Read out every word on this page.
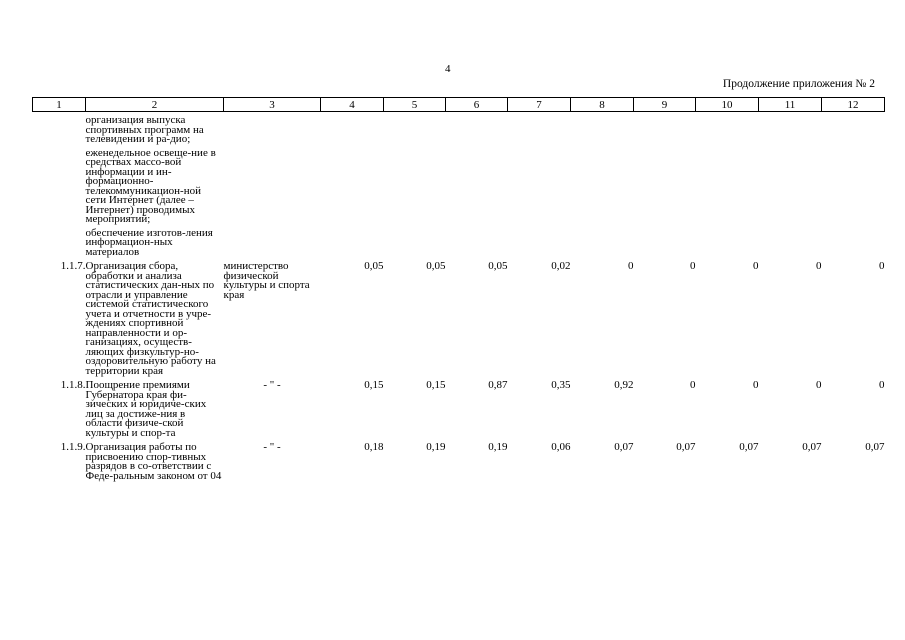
4
Продолжение приложения № 2
1	2	3	4	5	6	7	8	9	10	11	12

	организация выпуска спортивных программ на телевидении и ра-дио;
еженедельное освеще-ние в средствах массо-вой информации и ин-формационно-телекоммуникацион-ной сети Интернет (далее – Интернет) проводимых мероприятий;
обеспечение изготов-ления информацион-ных материалов										

1.1.7.	Организация сбора, обработки и анализа статистических дан-ных по отрасли и управление системой статистического учета и отчетности в учре-ждениях спортивной направленности и ор-ганизациях, осуществ-ляющих физкультур-но-оздоровительную работу на территории края	министерство физической культуры и спорта края	0,05	0,05	0,05	0,02	0	0	0	0	0
1.1.8.	Поощрение премиями Губернатора края фи-зических и юридиче-ских лиц за достиже-ния в области физиче-ской культуры и спор-та	- " -	0,15	0,15	0,87	0,35	0,92	0	0	0	0
1.1.9.	Организация работы по присвоению спор-тивных разрядов в со-ответствии с Феде-ральным законом от 04	- " -	0,18	0,19	0,19	0,06	0,07	0,07	0,07	0,07	0,07
